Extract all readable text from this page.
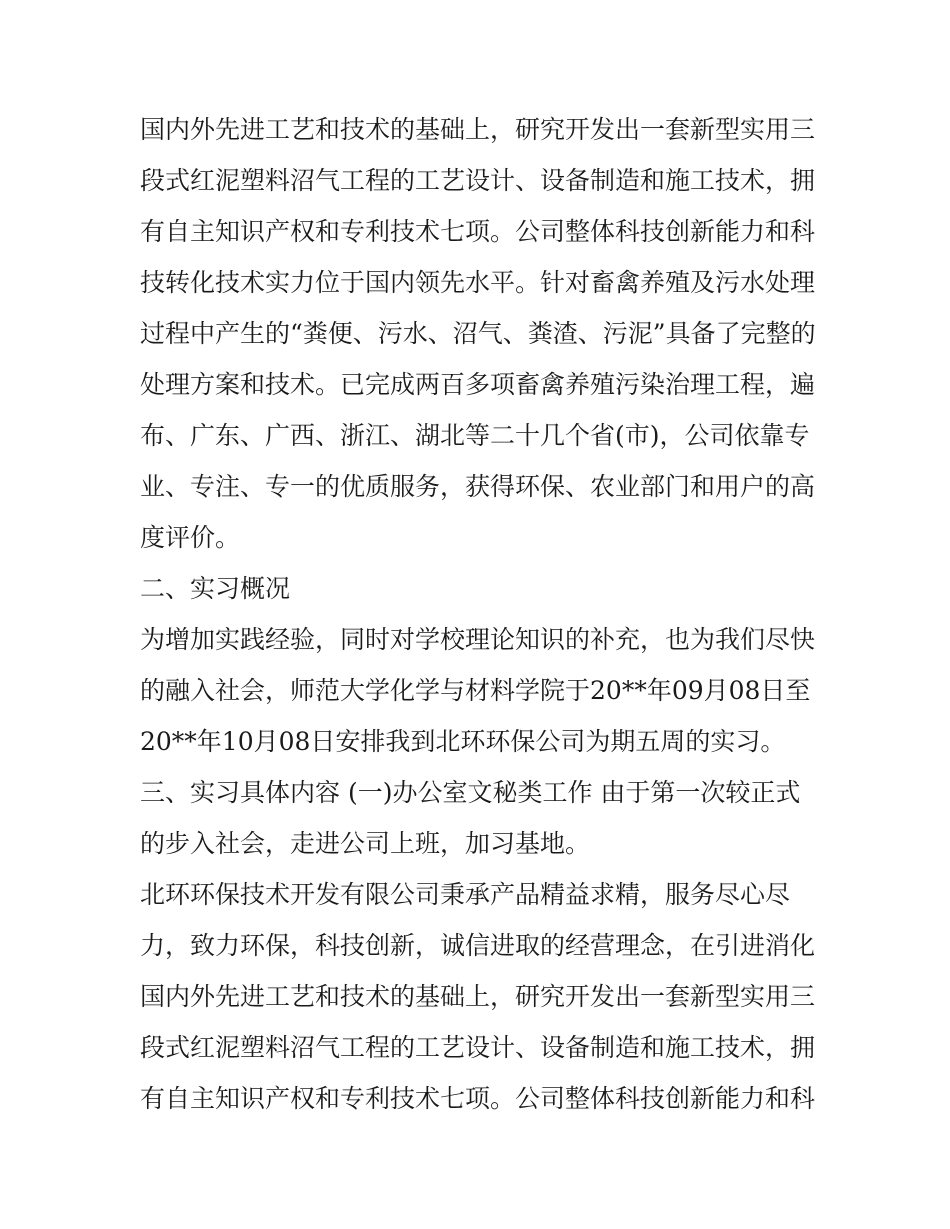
国内外先进工艺和技术的基础上，研究开发出一套新型实用三
段式红泥塑料沼气工程的工艺设计、设备制造和施工技术，拥
有自主知识产权和专利技术七项。公司整体科技创新能力和科
技转化技术实力位于国内领先水平。针对畜禽养殖及污水处理
过程中产生的“粪便、污水、沼气、粪渣、污泥”具备了完整的
处理方案和技术。已完成两百多项畜禽养殖污染治理工程，遍
布、广东、广西、浙江、湖北等二十几个省(市)，公司依靠专
业、专注、专一的优质服务，获得环保、农业部门和用户的高
度评价。
二、实习概况
为增加实践经验，同时对学校理论知识的补充，也为我们尽快
的融入社会，师范大学化学与材料学院于20**年09月08日至
20**年10月08日安排我到北环环保公司为期五周的实习。
三、实习具体内容 (一)办公室文秘类工作 由于第一次较正式
的步入社会，走进公司上班，加习基地。
北环环保技术开发有限公司秉承产品精益求精，服务尽心尽
力，致力环保，科技创新，诚信进取的经营理念，在引进消化
国内外先进工艺和技术的基础上，研究开发出一套新型实用三
段式红泥塑料沼气工程的工艺设计、设备制造和施工技术，拥
有自主知识产权和专利技术七项。公司整体科技创新能力和科
